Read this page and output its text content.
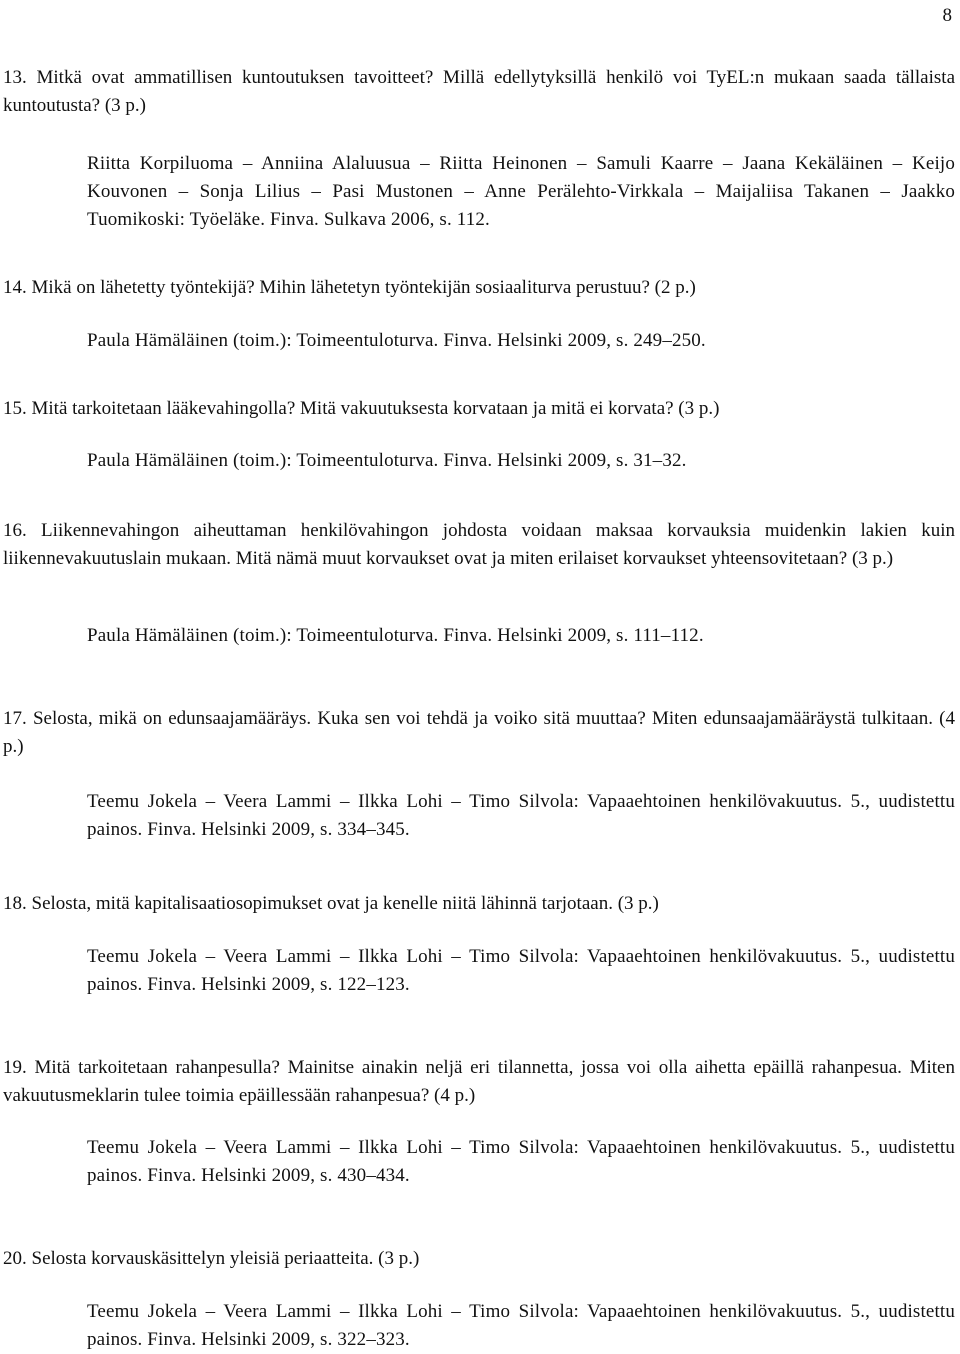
8

13. Mitkä ovat ammatillisen kuntoutuksen tavoitteet? Millä edellytyksillä henkilö voi TyEL:n mukaan saada tällaista kuntoutusta? (3 p.)

Riitta Korpiluoma – Anniina Alaluusua – Riitta Heinonen – Samuli Kaarre – Jaana Kekäläinen – Keijo Kouvonen – Sonja Lilius – Pasi Mustonen – Anne Perälehto-Virkkala – Maijaliisa Takanen – Jaakko Tuomikoski: Työeläke. Finva. Sulkava 2006, s. 112.

14. Mikä on lähetetty työntekijä? Mihin lähetetyn työntekijän sosiaaliturva perustuu? (2 p.)

Paula Hämäläinen (toim.): Toimeentuloturva. Finva. Helsinki 2009, s. 249–250.

15. Mitä tarkoitetaan lääkevahingolla? Mitä vakuutuksesta korvataan ja mitä ei korvata? (3 p.)

Paula Hämäläinen (toim.): Toimeentuloturva. Finva. Helsinki 2009, s. 31–32.

16. Liikennevahingon aiheuttaman henkilövahingon johdosta voidaan maksaa korvauksia muidenkin lakien kuin liikennevakuutuslain mukaan. Mitä nämä muut korvaukset ovat ja miten erilaiset korvaukset yhteensovitetaan? (3 p.)

Paula Hämäläinen (toim.): Toimeentuloturva. Finva. Helsinki 2009, s. 111–112.

17. Selosta, mikä on edunsaajamääräys. Kuka sen voi tehdä ja voiko sitä muuttaa? Miten edunsaajamääräystä tulkitaan. (4 p.)

Teemu Jokela – Veera Lammi – Ilkka Lohi – Timo Silvola: Vapaaehtoinen henkilövakuutus. 5., uudistettu painos. Finva. Helsinki 2009, s. 334–345.

18. Selosta, mitä kapitalisaatiosopimukset ovat ja kenelle niitä lähinnä tarjotaan. (3 p.)

Teemu Jokela – Veera Lammi – Ilkka Lohi – Timo Silvola: Vapaaehtoinen henkilövakuutus. 5., uudistettu painos. Finva. Helsinki 2009, s. 122–123.

19. Mitä tarkoitetaan rahanpesulla? Mainitse ainakin neljä eri tilannetta, jossa voi olla aihetta epäillä rahanpesua. Miten vakuutusmeklarin tulee toimia epäillessään rahanpesua? (4 p.)

Teemu Jokela – Veera Lammi – Ilkka Lohi – Timo Silvola: Vapaaehtoinen henkilövakuutus. 5., uudistettu painos. Finva. Helsinki 2009, s. 430–434.

20. Selosta korvauskäsittelyn yleisiä periaatteita. (3 p.)

Teemu Jokela – Veera Lammi – Ilkka Lohi – Timo Silvola: Vapaaehtoinen henkilövakuutus. 5., uudistettu painos. Finva. Helsinki 2009, s. 322–323.
